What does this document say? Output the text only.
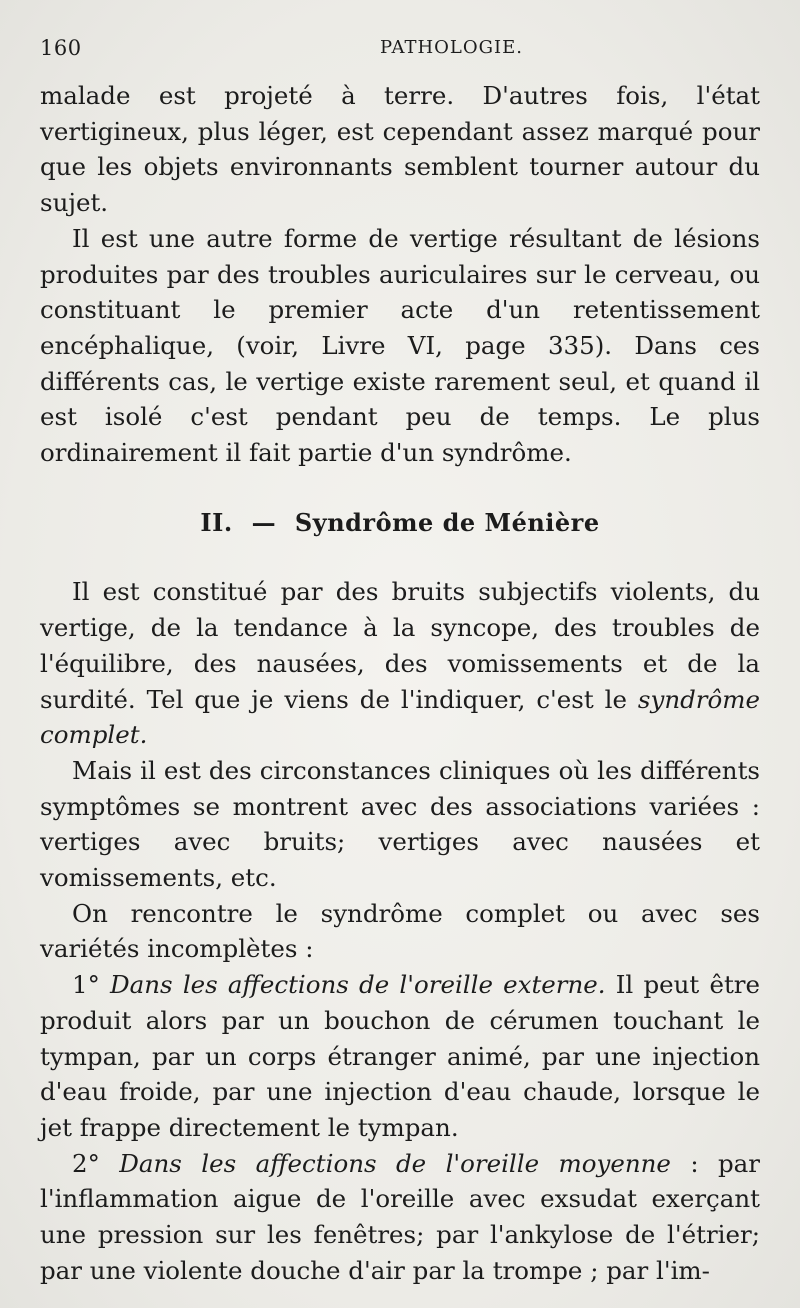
160	PATHOLOGIE.

malade est projeté à terre. D'autres fois, l'état vertigineux, plus léger, est cependant assez marqué pour que les objets environnants semblent tourner autour du sujet.

Il est une autre forme de vertige résultant de lésions produites par des troubles auriculaires sur le cerveau, ou constituant le premier acte d'un retentissement encéphalique, (voir, Livre VI, page 335). Dans ces différents cas, le vertige existe rarement seul, et quand il est isolé c'est pendant peu de temps. Le plus ordinairement il fait partie d'un syndrôme.

II. — Syndrôme de Ménière

Il est constitué par des bruits subjectifs violents, du vertige, de la tendance à la syncope, des troubles de l'équilibre, des nausées, des vomissements et de la surdité. Tel que je viens de l'indiquer, c'est le syndrôme complet.

Mais il est des circonstances cliniques où les différents symptômes se montrent avec des associations variées : vertiges avec bruits; vertiges avec nausées et vomissements, etc.

On rencontre le syndrôme complet ou avec ses variétés incomplètes :

1° Dans les affections de l'oreille externe. Il peut être produit alors par un bouchon de cérumen touchant le tympan, par un corps étranger animé, par une injection d'eau froide, par une injection d'eau chaude, lorsque le jet frappe directement le tympan.

2° Dans les affections de l'oreille moyenne : par l'inflammation aigue de l'oreille avec exsudat exerçant une pression sur les fenêtres; par l'ankylose de l'étrier; par une violente douche d'air par la trompe ; par l'im-
